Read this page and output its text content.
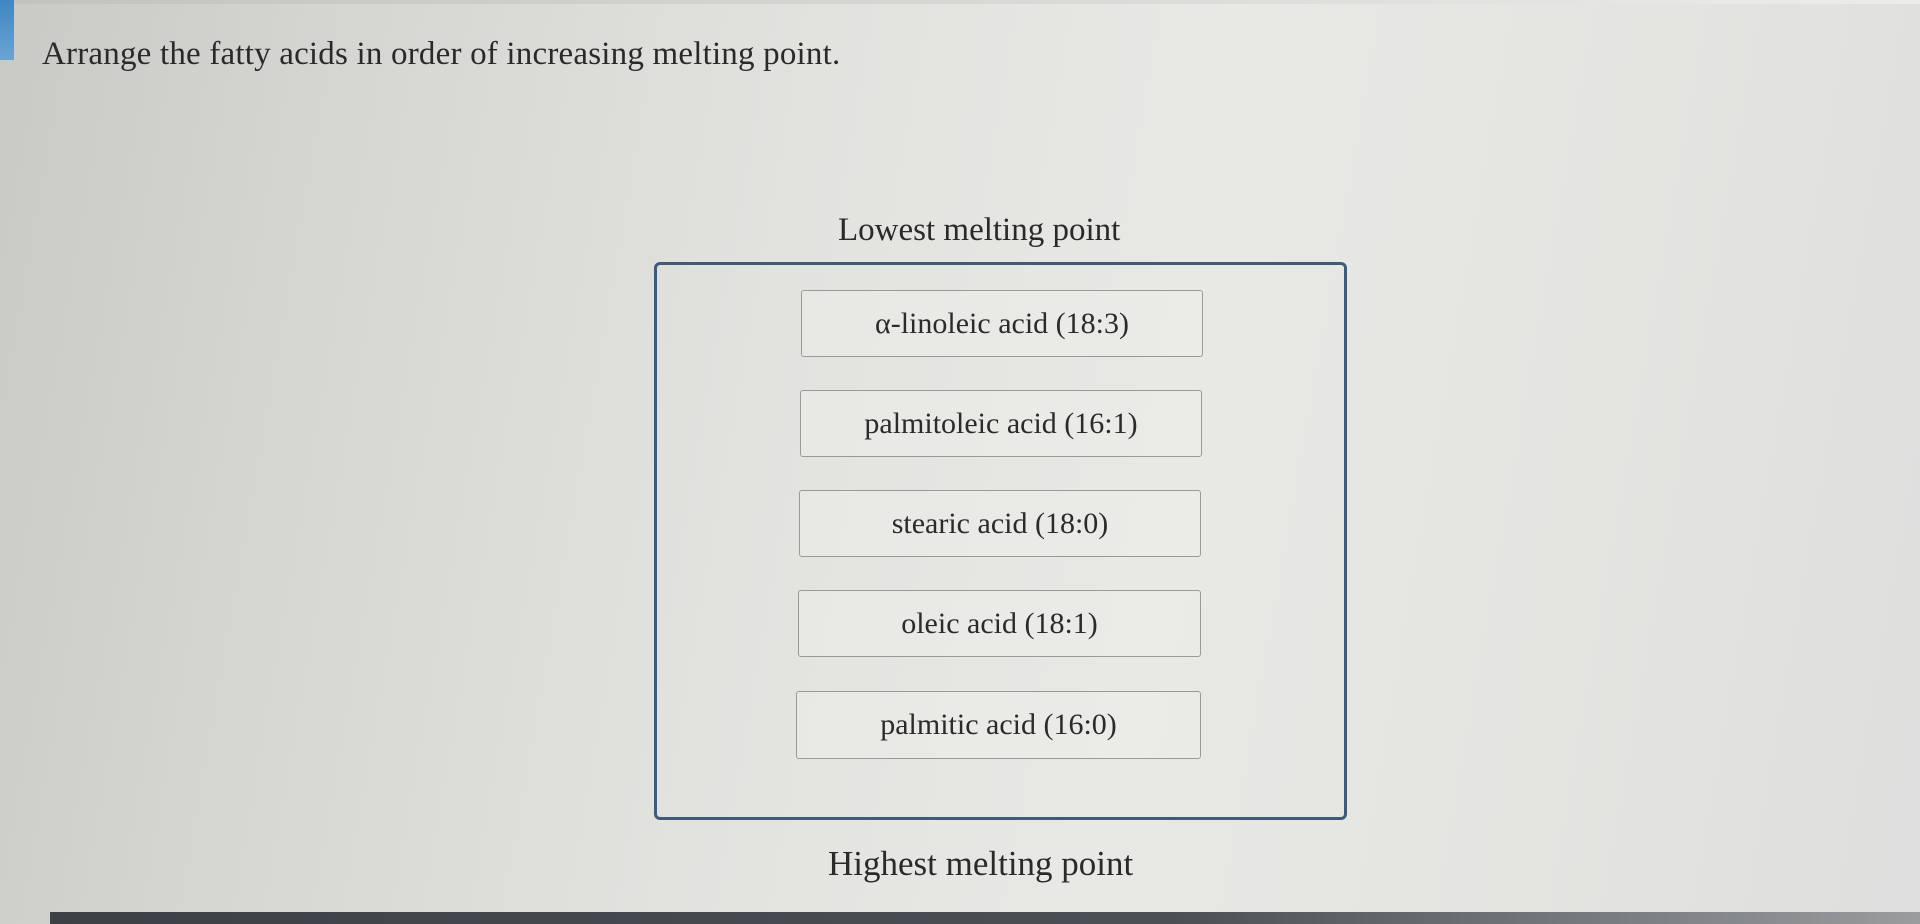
Arrange the fatty acids in order of increasing melting point.
Lowest melting point
α-linoleic acid (18:3)
palmitoleic acid (16:1)
stearic acid (18:0)
oleic acid (18:1)
palmitic acid (16:0)
Highest melting point
